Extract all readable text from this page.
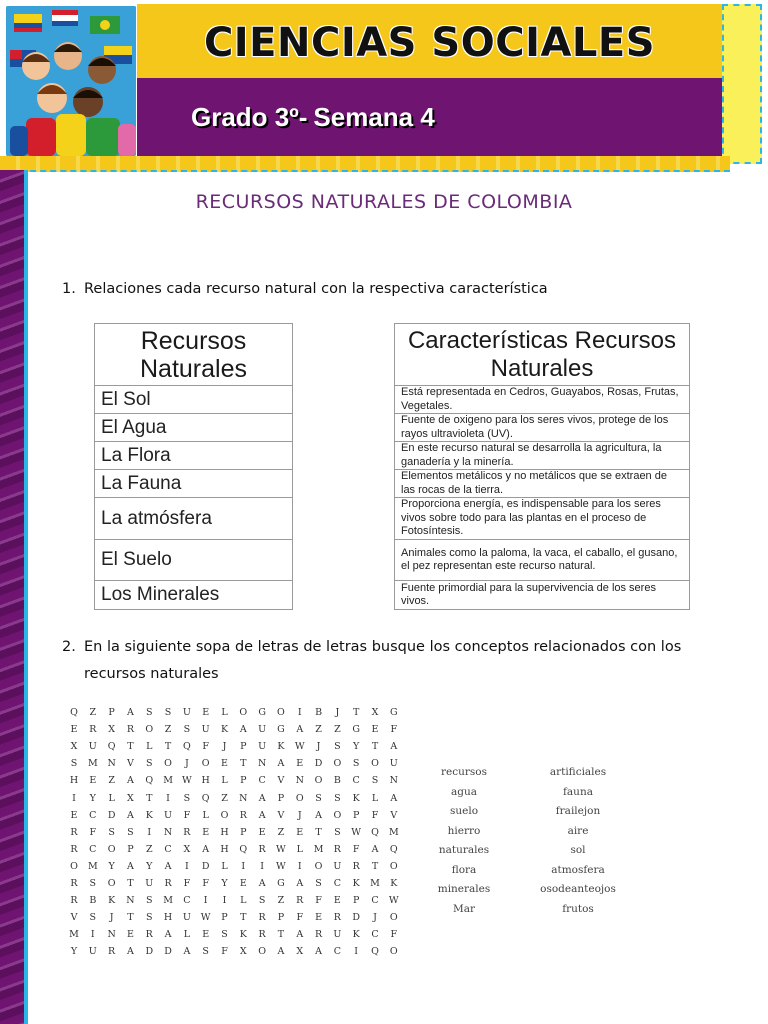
CIENCIAS SOCIALES
Grado 3º- Semana 4
RECURSOS NATURALES DE COLOMBIA
1. Relaciones cada recurso natural con la respectiva característica
Recursos Naturales
El Sol
El Agua
La Flora
La Fauna
La atmósfera
El Suelo
Los Minerales
Características Recursos Naturales
Está representada en Cedros, Guayabos, Rosas, Frutas, Vegetales.
Fuente de oxigeno para los seres vivos, protege de los rayos ultravioleta (UV).
En este recurso natural se desarrolla la agricultura, la ganadería y la minería.
Elementos metálicos y no metálicos que se extraen de las rocas de la tierra.
Proporciona energía, es indispensable para los seres vivos sobre todo para las plantas en el proceso de Fotosíntesis.
Animales como la paloma, la vaca, el caballo, el gusano, el pez representan este recurso natural.
Fuente primordial para la supervivencia de los seres vivos.
2. En la siguiente sopa de letras de letras busque los conceptos relacionados con los
recursos naturales
Q	Z	P	A	S	S	U	E	L	O	G	O	I	B	J	T	X	G
E	R	X	R	O	Z	S	U	K	A	U	G	A	Z	Z	G	E	F
X	U	Q	T	L	T	Q	F	J	P	U	K	W	J	S	Y	T	A
S	M	N	V	S	O	J	O	E	T	N	A	E	D	O	S	O	U
H	E	Z	A	Q	M W	H	L	P	C	V	N	O	B	C	S	N
I	Y	L	X	T	I	S	Q	Z	N	A	P	O	S	S	K	L	A
E	C	D	A	K	U	F	L	O	R	A	V	J	A	O	P	F	V
R	F	S	S	I	N	R	E	H	P	E	Z	E	T	S	W	Q	M
R	C	O	P	Z	C	X	A	H	Q	R	W	L	M	R	F	A	Q
O	M	Y	A	Y	A	I	D	L	I	I	W	I	O	U	R	T	O
R	S	O	T	U	R	F	F	Y	E	A	G	A	S	C	K	M	K
R	B	K	N	S	M	C	I	I	L	S	Z	R	F	E	P	C	W
V	S	J	T	S	H	U	W	P	T	R	P	F	E	R	D	J	O
M	I	N	E	R	A	L	E	S	K	R	T	A	R	U	K	C	F
Y	U	R	A	D	D	A	S	F	X	O	A	X	A	C	I	Q	O
recursos
agua
suelo
hierro
naturales
flora
minerales
Mar
artificiales
fauna
frailejon
aire
sol
atmosfera
osodeanteojos
frutos
